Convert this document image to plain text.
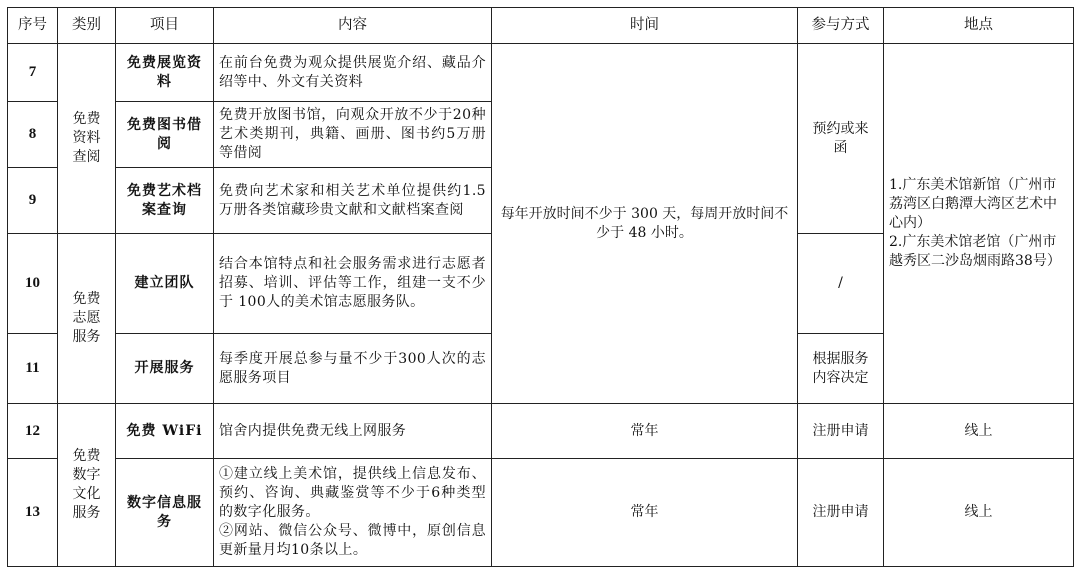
序号	类别	项目	内容	时间	参与方式	地点
7	免费资料查阅	免费展览资料	在前台免费为观众提供展览介绍、藏品介绍等中、外文有关资料	每年开放时间不少于 300 天，每周开放时间不少于 48 小时。	预约或来函	1.广东美术馆新馆（广州市荔湾区白鹅潭大湾区艺术中心内）
2.广东美术馆老馆（广州市越秀区二沙岛烟雨路38号）
8		免费图书借阅	免费开放图书馆，向观众开放不少于20种艺术类期刊，典籍、画册、图书约5万册等借阅			
9		免费艺术档案查询	免费向艺术家和相关艺术单位提供约1.5万册各类馆藏珍贵文献和文献档案查阅			
10	免费志愿服务	建立团队	结合本馆特点和社会服务需求进行志愿者招募、培训、评估等工作，组建一支不少于 100人的美术馆志愿服务队。		/	
11		开展服务	每季度开展总参与量不少于300人次的志愿服务项目		根据服务内容决定	
12	免费数字文化服务	免费 WiFi	馆舍内提供免费无线上网服务	常年	注册申请	线上
13		数字信息服务	①建立线上美术馆，提供线上信息发布、预约、咨询、典藏鉴赏等不少于6种类型的数字化服务。
②网站、微信公众号、微博中，原创信息更新量月均10条以上。	常年	注册申请	线上
